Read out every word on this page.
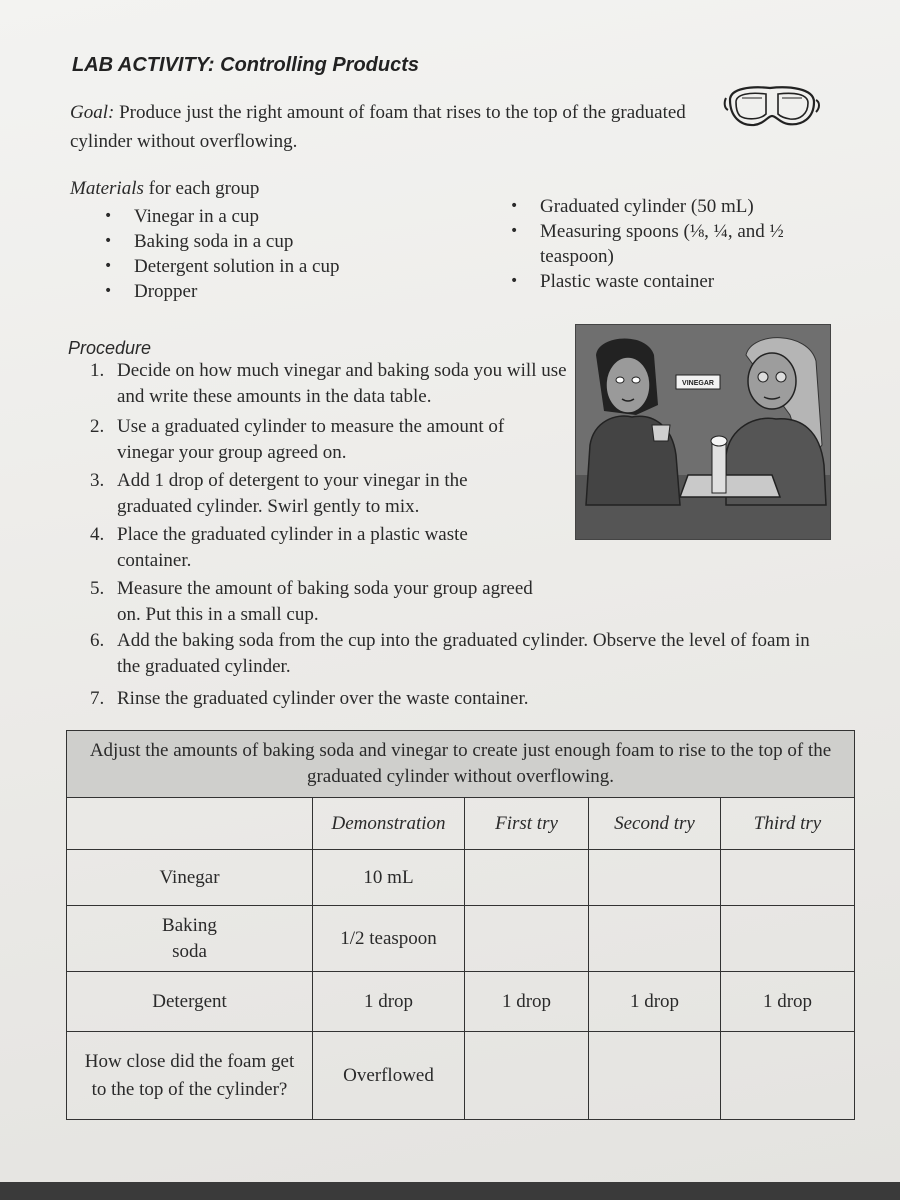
LAB ACTIVITY: Controlling Products
Goal: Produce just the right amount of foam that rises to the top of the graduated cylinder without overflowing.
Materials for each group
• Vinegar in a cup
• Baking soda in a cup
• Detergent solution in a cup
• Dropper
• Graduated cylinder (50 mL)
• Measuring spoons (⅛, ¼, and ½ teaspoon)
• Plastic waste container
Procedure
1. Decide on how much vinegar and baking soda you will use and write these amounts in the data table.
2. Use a graduated cylinder to measure the amount of vinegar your group agreed on.
3. Add 1 drop of detergent to your vinegar in the graduated cylinder. Swirl gently to mix.
4. Place the graduated cylinder in a plastic waste container.
5. Measure the amount of baking soda your group agreed on. Put this in a small cup.
6. Add the baking soda from the cup into the graduated cylinder. Observe the level of foam in the graduated cylinder.
7. Rinse the graduated cylinder over the waste container.
VINEGAR
Adjust the amounts of baking soda and vinegar to create just enough foam to rise to the top of the graduated cylinder without overflowing.				
	Demonstration	First try	Second try	Third try
Vinegar	10 mL			
Baking soda	1/2 teaspoon			
Detergent	1 drop	1 drop	1 drop	1 drop
How close did the foam get to the top of the cylinder?	Overflowed			
